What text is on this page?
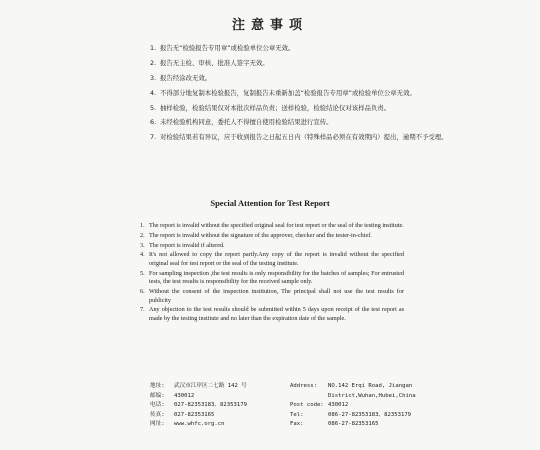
注意事项
1. 报告无“检验报告专用章”或检验单位公章无效。
2. 报告无主检、审核、批准人签字无效。
3. 报告经涂改无效。
4. 不得部分地复制本检验报告，复制报告未重新加盖“检验报告专用章”或检验单位公章无效。
5. 抽样检验，检验结果仅对本批次样品负责；送样检验，检验结论仅对该样品负责。
6. 未经检验机构同意，委托人不得擅自使用检验结果进行宣传。
7. 对检验结果若有异议，应于收到报告之日起五日内（特殊样品必须在有效期内）提出，逾期不予受理。
Special Attention for Test Report
1. The report is invalid without the specified original seal for test report or the seal of the testing institute.
2. The report is invalid without the signature of the approver, checker and the tester-in-chief.
3. The report is invalid if altered.
4. It's not allowed to copy the report partly.Any copy of the report is invalid without the specified original seal for test report or the seal of the testing institute.
5. For sampling inspection ,the test results is only responsibility for the batches of samples; For entrusted tests, the test results is responsibility for the received sample only.
6. Without the consent of the inspection institution, The principal shall not use the test results for publicity
7. Any objection to the test results should be submitted within 5 days upon receipt of the test report as made by the testing institute and no later than the expiration date of the sample.
地址: 武汉市江岸区二七路 142 号
邮编: 430012
电话: 027-82353183、82353179
传真: 027-82353165
网址: www.whfc.org.cn
Address: NO.142 Erqi Road, Jiangan
District,Wuhan,Hubei,China
Post code: 430012
Tel:	086-27-82353183、82353179
Fax:	086-27-82353165
